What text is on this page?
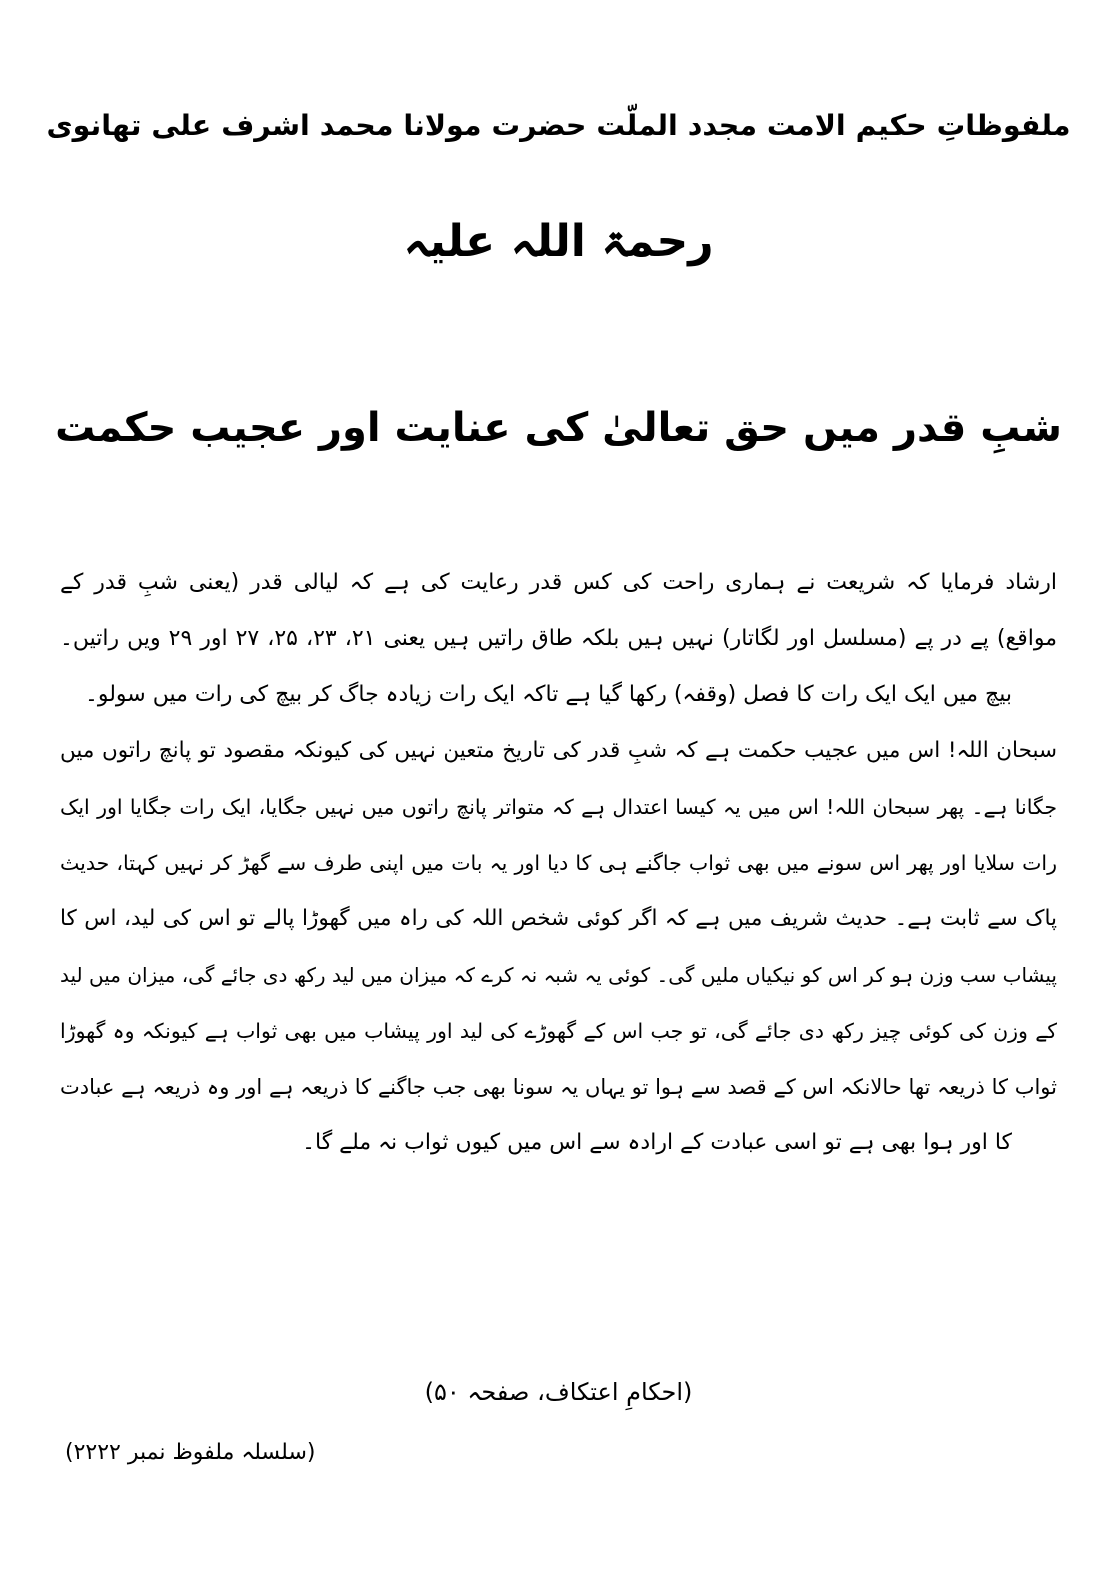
ملفوظاتِ حکیم الامت مجدد الملّت حضرت مولانا محمد اشرف علی تھانوی
رحمۃ اللہ علیہ
شبِ قدر میں حق تعالیٰ کی عنایت اور عجیب حکمت
ارشاد فرمایا کہ شریعت نے ہماری راحت کی کس قدر رعایت کی ہے کہ لیالی قدر (یعنی شبِ قدر کے
مواقع) پے در پے (مسلسل اور لگاتار) نہیں ہیں بلکہ طاق راتیں ہیں یعنی ۲۱، ۲۳، ۲۵، ۲۷ اور ۲۹ ویں راتیں۔
بیچ میں ایک ایک رات کا فصل (وقفہ) رکھا گیا ہے تاکہ ایک رات زیادہ جاگ کر بیچ کی رات میں سولو۔
سبحان اللہ! اس میں عجیب حکمت ہے کہ شبِ قدر کی تاریخ متعین نہیں کی کیونکہ مقصود تو پانچ راتوں میں
جگانا ہے۔ پھر سبحان اللہ! اس میں یہ کیسا اعتدال ہے کہ متواتر پانچ راتوں میں نہیں جگایا، ایک رات جگایا اور ایک
رات سلایا اور پھر اس سونے میں بھی ثواب جاگنے ہی کا دیا اور یہ بات میں اپنی طرف سے گھڑ کر نہیں کہتا، حدیث
پاک سے ثابت ہے۔ حدیث شریف میں ہے کہ اگر کوئی شخص اللہ کی راہ میں گھوڑا پالے تو اس کی لید، اس کا
پیشاب سب وزن ہو کر اس کو نیکیاں ملیں گی۔ کوئی یہ شبہ نہ کرے کہ میزان میں لید رکھ دی جائے گی، میزان میں لید
کے وزن کی کوئی چیز رکھ دی جائے گی، تو جب اس کے گھوڑے کی لید اور پیشاب میں بھی ثواب ہے کیونکہ وہ گھوڑا
ثواب کا ذریعہ تھا حالانکہ اس کے قصد سے ہوا تو یہاں یہ سونا بھی جب جاگنے کا ذریعہ ہے اور وہ ذریعہ ہے عبادت
کا اور ہوا بھی ہے تو اسی عبادت کے ارادہ سے اس میں کیوں ثواب نہ ملے گا۔
(احکامِ اعتکاف، صفحہ ۵۰)
(سلسلہ ملفوظ نمبر ۲۲۲۲)
